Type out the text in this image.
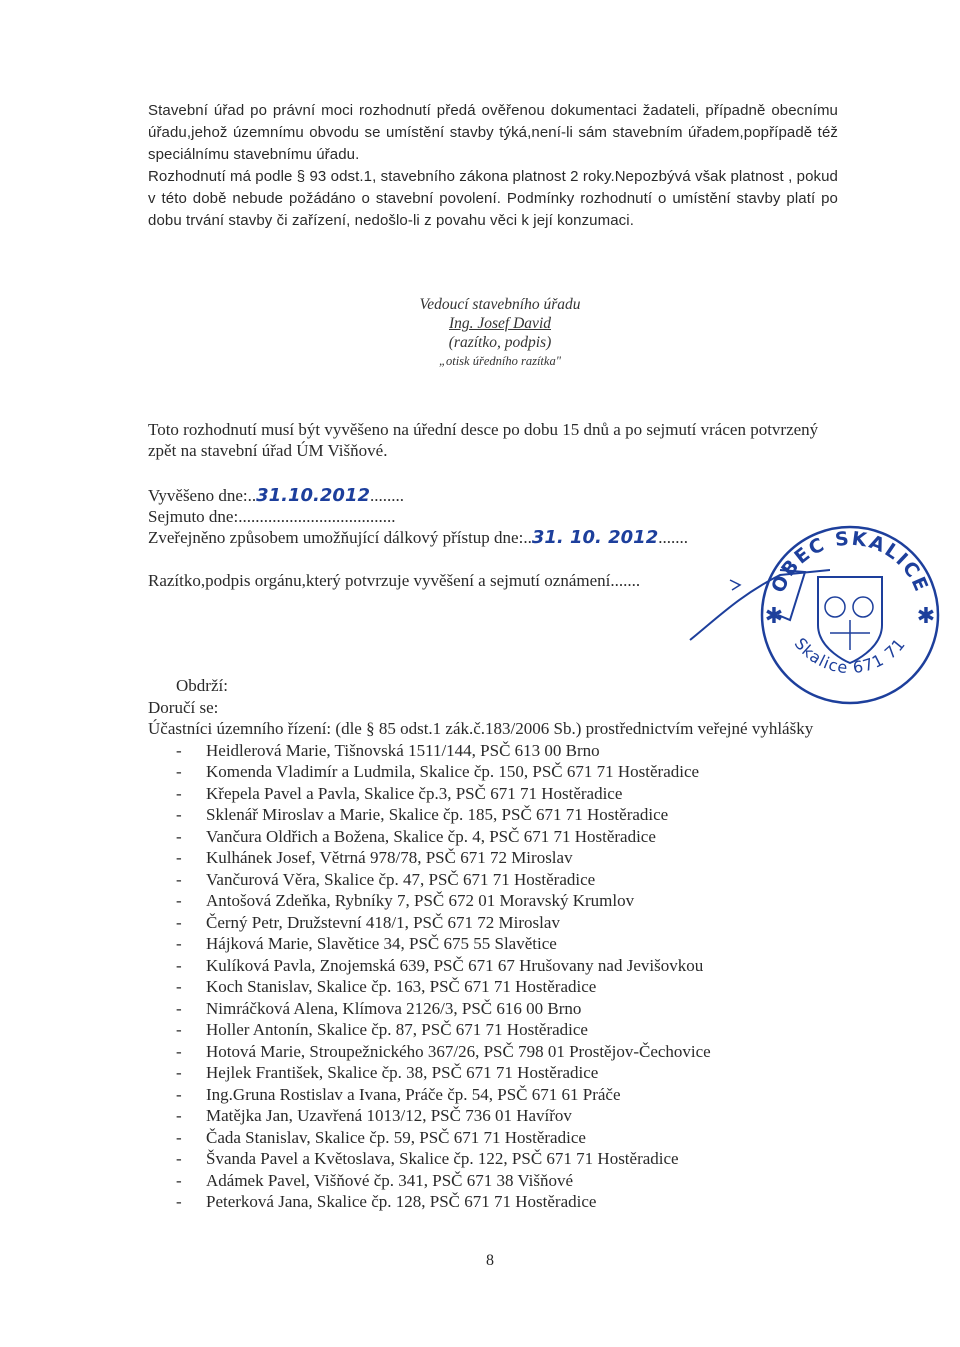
Stavební úřad po právní moci rozhodnutí předá ověřenou dokumentaci žadateli, případně obecnímu úřadu,jehož územnímu obvodu se umístění stavby týká,není-li sám stavebním úřadem,popřípadě též speciálnímu stavebnímu úřadu.

Rozhodnutí má podle § 93 odst.1, stavebního zákona platnost 2 roky.Nepozbývá však platnost , pokud v této době nebude požádáno o stavební povolení. Podmínky rozhodnutí o umístění stavby platí po dobu trvání stavby či zařízení, nedošlo-li z povahu věci k její konzumaci.

Vedoucí stavebního úřadu
Ing. Josef David
(razítko, podpis)
„otisk úředního razítka"

Toto rozhodnutí musí být vyvěšeno na úřední desce po dobu 15 dnů a po sejmutí vrácen potvrzený zpět na stavební úřad ÚM Višňové.

Vyvěšeno dne:..31.10.2012........
Sejmuto dne:.....................................
Zveřejněno způsobem umožňující dálkový přístup dne:..31. 10. 2012.......
Razítko,podpis orgánu,který potvrzuje vyvěšení a sejmutí oznámení.......	OBEC SKALICE
Skalice 671 71
✱	✱
Obdrží:
Doručí se:
Účastníci územního řízení: (dle § 85 odst.1 zák.č.183/2006 Sb.) prostřednictvím veřejné vyhlášky
- Heidlerová Marie, Tišnovská 1511/144, PSČ 613 00 Brno
- Komenda Vladimír a Ludmila, Skalice čp. 150, PSČ 671 71 Hostěradice
- Křepela Pavel a Pavla, Skalice čp.3, PSČ 671 71 Hostěradice
- Sklenář Miroslav a Marie, Skalice čp. 185, PSČ 671 71 Hostěradice
- Vančura Oldřich a Božena, Skalice čp. 4, PSČ 671 71 Hostěradice
- Kulhánek Josef, Větrná 978/78, PSČ 671 72 Miroslav
- Vančurová Věra, Skalice čp. 47, PSČ 671 71 Hostěradice
- Antošová Zdeňka, Rybníky 7, PSČ 672 01 Moravský Krumlov
- Černý Petr, Družstevní 418/1, PSČ 671 72 Miroslav
- Hájková Marie, Slavětice 34, PSČ 675 55 Slavětice
- Kulíková Pavla, Znojemská 639, PSČ 671 67 Hrušovany nad Jevišovkou
- Koch Stanislav, Skalice čp. 163, PSČ 671 71 Hostěradice
- Nimráčková Alena, Klímova 2126/3, PSČ 616 00 Brno
- Holler Antonín, Skalice čp. 87, PSČ 671 71 Hostěradice
- Hotová Marie, Stroupežnického 367/26, PSČ 798 01 Prostějov-Čechovice
- Hejlek František, Skalice čp. 38, PSČ 671 71 Hostěradice
- Ing.Gruna Rostislav a Ivana, Práče čp. 54, PSČ 671 61 Práče
- Matějka Jan, Uzavřená 1013/12, PSČ 736 01 Havířov
- Čada Stanislav, Skalice čp. 59, PSČ 671 71 Hostěradice
- Švanda Pavel a Květoslava, Skalice čp. 122, PSČ 671 71 Hostěradice
- Adámek Pavel, Višňové čp. 341, PSČ 671 38 Višňové
- Peterková Jana, Skalice čp. 128, PSČ 671 71 Hostěradice
8
